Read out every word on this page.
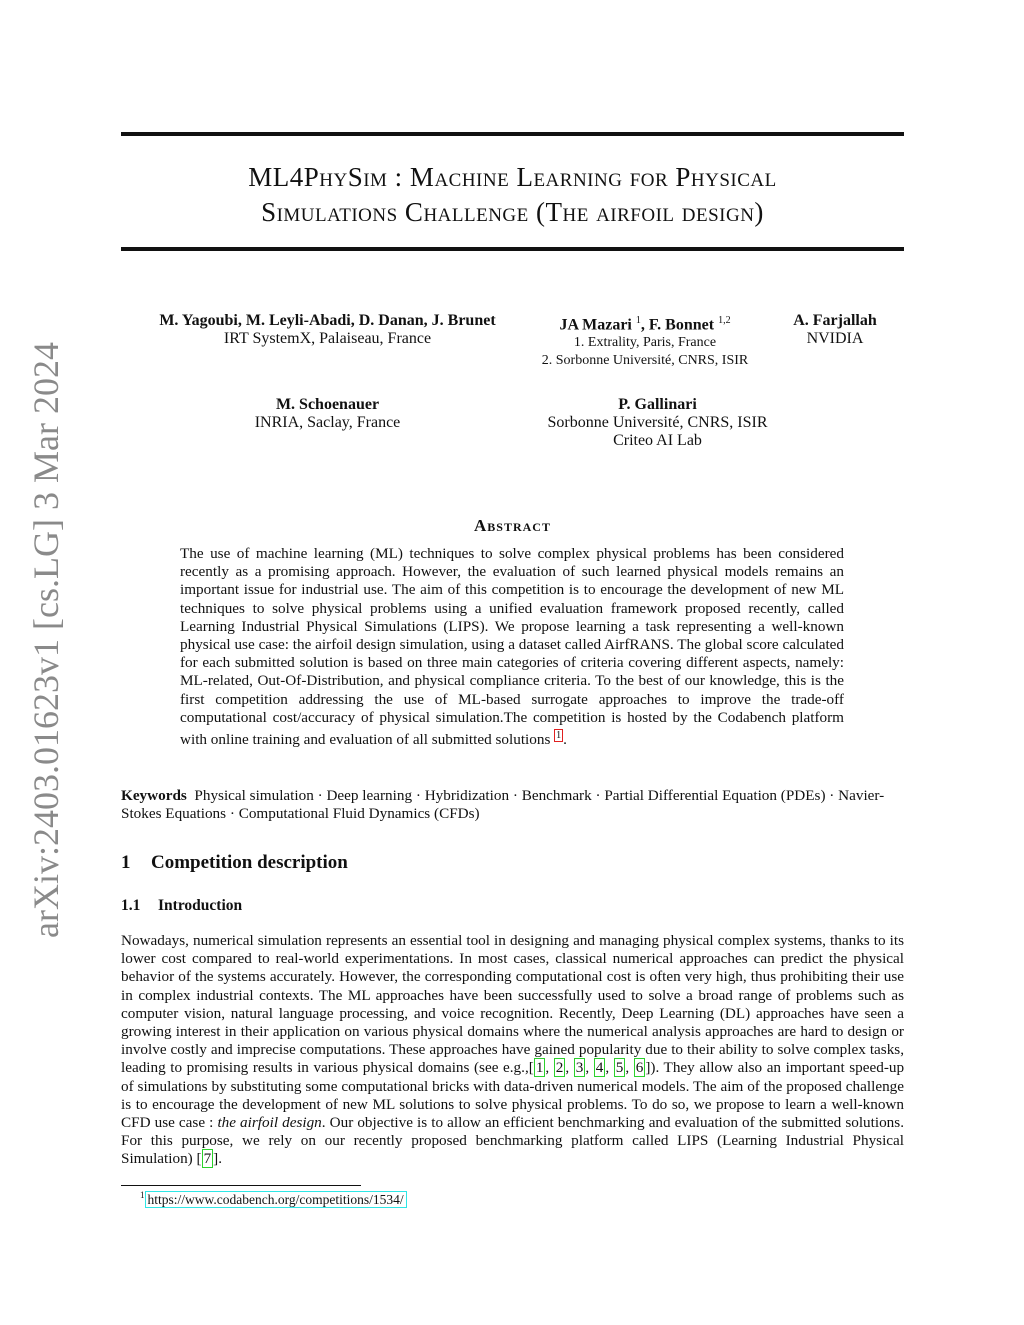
arXiv:2403.01623v1 [cs.LG] 3 Mar 2024
ML4PhySim : Machine Learning for Physical
Simulations Challenge (The airfoil design)
M. Yagoubi, M. Leyli-Abadi, D. Danan, J. Brunet
IRT SystemX, Palaiseau, France
JA Mazari $^1$, F. Bonnet $^{1,2}$
1. Extrality, Paris, France
2. Sorbonne Université, CNRS, ISIR
A. Farjallah
NVIDIA
M. Schoenauer
INRIA, Saclay, France
P. Gallinari
Sorbonne Université, CNRS, ISIR
Criteo AI Lab
Abstract
The use of machine learning (ML) techniques to solve complex physical problems has been considered recently as a promising approach. However, the evaluation of such learned physical models remains an important issue for industrial use. The aim of this competition is to encourage the development of new ML techniques to solve physical problems using a unified evaluation framework proposed recently, called Learning Industrial Physical Simulations (LIPS). We propose learning a task representing a well-known physical use case: the airfoil design simulation, using a dataset called AirfRANS. The global score calculated for each submitted solution is based on three main categories of criteria covering different aspects, namely: ML-related, Out-Of-Distribution, and physical compliance criteria. To the best of our knowledge, this is the first competition addressing the use of ML-based surrogate approaches to improve the trade-off computational cost/accuracy of physical simulation.The competition is hosted by the Codabench platform with online training and evaluation of all submitted solutions $^1$ .
Keywords Physical simulation · Deep learning · Hybridization · Benchmark · Partial Differential Equation (PDEs) · Navier-Stokes Equations · Computational Fluid Dynamics (CFDs)
1 Competition description
1.1 Introduction
Nowadays, numerical simulation represents an essential tool in designing and managing physical complex systems, thanks to its lower cost compared to real-world experimentations. In most cases, classical numerical approaches can predict the physical behavior of the systems accurately. However, the corresponding computational cost is often very high, thus prohibiting their use in complex industrial contexts. The ML approaches have been successfully used to solve a broad range of problems such as computer vision, natural language processing, and voice recognition. Recently, Deep Learning (DL) approaches have seen a growing interest in their application on various physical domains where the numerical analysis approaches are hard to design or involve costly and imprecise computations. These approaches have gained popularity due to their ability to solve complex tasks, leading to promising results in various physical domains (see e.g.,[ 1 , 2 , 3 , 4 , 5 , 6 ]). They allow also an important speed-up of simulations by substituting some computational bricks with data-driven numerical models. The aim of the proposed challenge is to encourage the development of new ML solutions to solve physical problems. To do so, we propose to learn a well-known CFD use case : the airfoil design. Our objective is to allow an efficient benchmarking and evaluation of the submitted solutions. For this purpose, we rely on our recently proposed benchmarking platform called LIPS (Learning Industrial Physical Simulation) [ 7 ].
$^1$ https://www.codabench.org/competitions/1534/
